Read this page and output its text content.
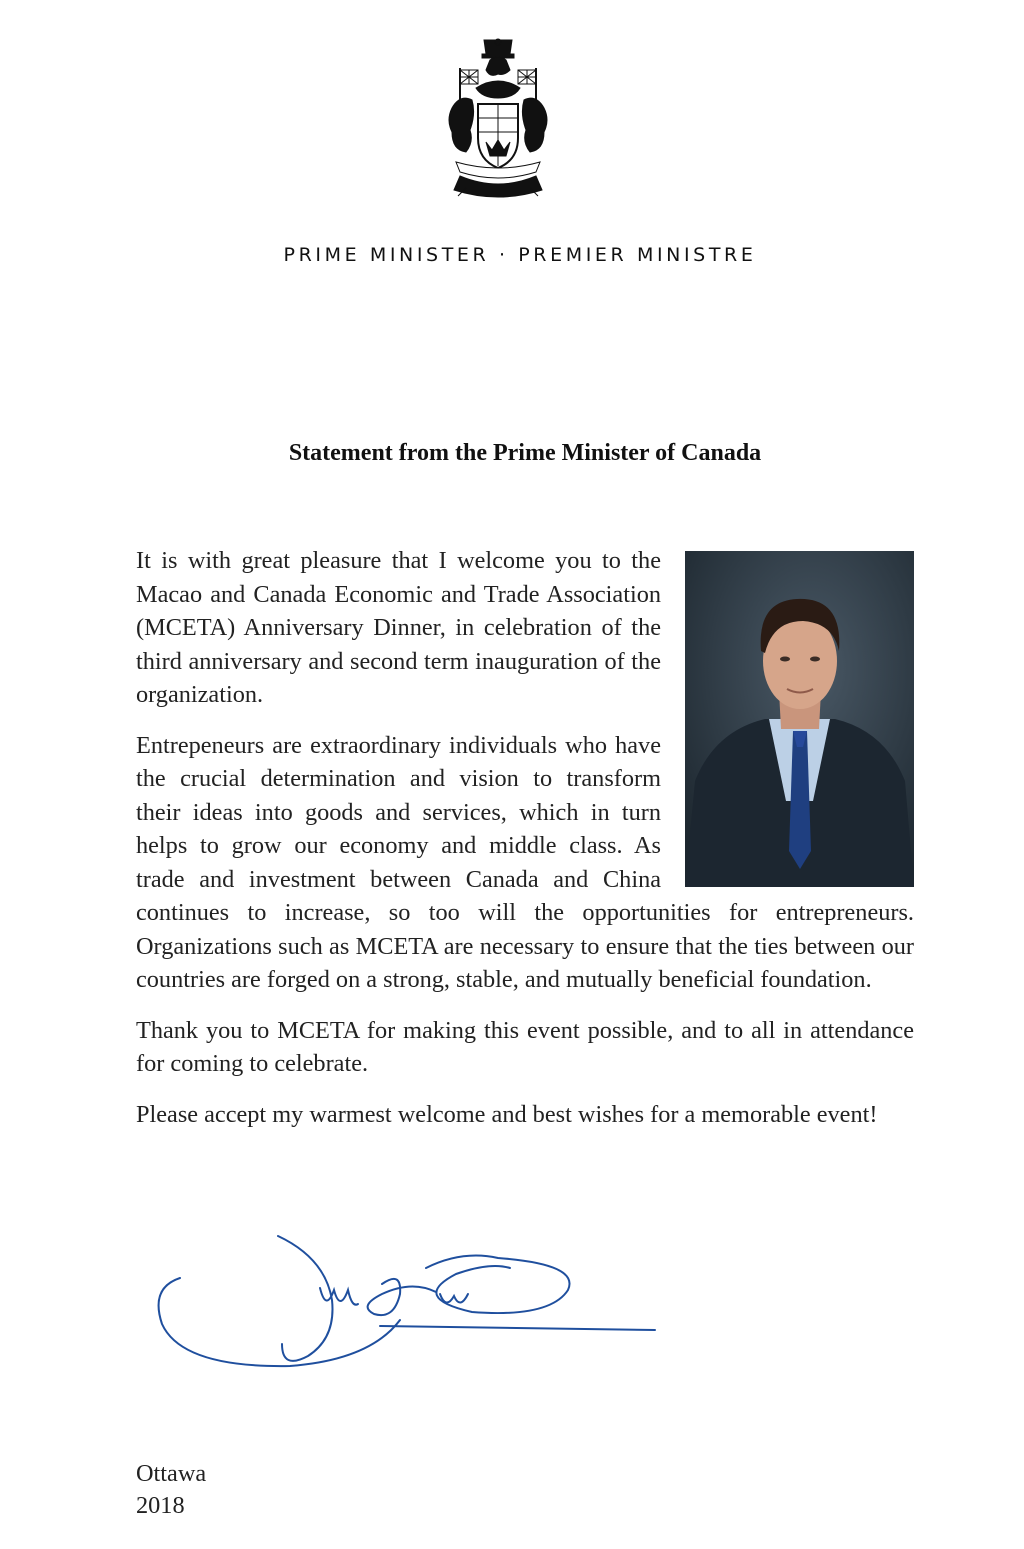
PRIME MINISTER · PREMIER MINISTRE
Statement from the Prime Minister of Canada

It is with great pleasure that I welcome you to the Macao and Canada Economic and Trade Association (MCETA) Anniversary Dinner, in celebration of the third anniversary and second term inauguration of the organization.

Entrepeneurs are extraordinary individuals who have the crucial determination and vision to transform their ideas into goods and services, which in turn helps to grow our economy and middle class. As trade and investment between Canada and China continues to increase, so too will the opportunities for entrepreneurs. Organizations such as MCETA are necessary to ensure that the ties between our countries are forged on a strong, stable, and mutually beneficial foundation.

Thank you to MCETA for making this event possible, and to all in attendance for coming to celebrate.

Please accept my warmest welcome and best wishes for a memorable event!

Ottawa
2018
